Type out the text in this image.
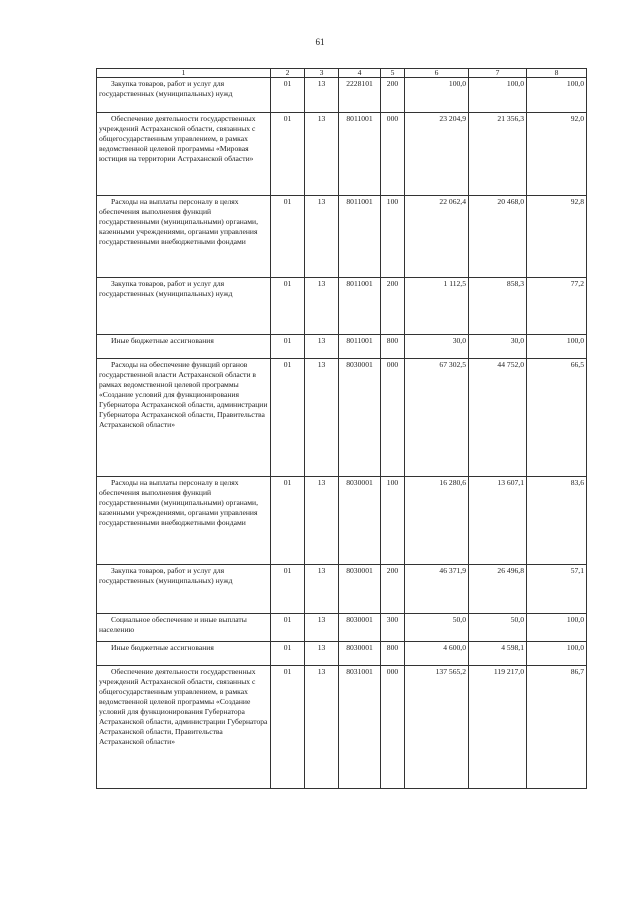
61
1	2	3	4	5	6	7	8
Закупка товаров, работ и услуг для государственных (муниципальных) нужд	01	13	2228101	200	100,0	100,0	100,0
Обеспечение деятельности государственных учреждений Астраханской области, связанных с общегосударственным управлением, в рамках ведомственной целевой программы «Мировая юстиция на территории Астраханской области»	01	13	8011001	000	23 204,9	21 356,3	92,0
Расходы на выплаты персоналу в целях обеспечения выполнения функций государственными (муниципальными) органами, казенными учреждениями, органами управления государственными внебюджетными фондами	01	13	8011001	100	22 062,4	20 468,0	92,8
Закупка товаров, работ и услуг для государственных (муниципальных) нужд	01	13	8011001	200	1 112,5	858,3	77,2
Иные бюджетные ассигнования	01	13	8011001	800	30,0	30,0	100,0
Расходы на обеспечение функций органов государственной власти Астраханской области в рамках ведомственной целевой программы «Создание условий для функционирования Губернатора Астраханской области, администрации Губернатора Астраханской области, Правительства Астраханской области»	01	13	8030001	000	67 302,5	44 752,0	66,5
Расходы на выплаты персоналу в целях обеспечения выполнения функций государственными (муниципальными) органами, казенными учреждениями, органами управления государственными внебюджетными фондами	01	13	8030001	100	16 280,6	13 607,1	83,6
Закупка товаров, работ и услуг для государственных (муниципальных) нужд	01	13	8030001	200	46 371,9	26 496,8	57,1
Социальное обеспечение и иные выплаты населению	01	13	8030001	300	50,0	50,0	100,0
Иные бюджетные ассигнования	01	13	8030001	800	4 600,0	4 598,1	100,0
Обеспечение деятельности государственных учреждений Астраханской области, связанных с общегосударственным управлением, в рамках ведомственной целевой программы «Создание условий для функционирования Губернатора Астраханской области, администрации Губернатора Астраханской области, Правительства Астраханской области»	01	13	8031001	000	137 565,2	119 217,0	86,7
